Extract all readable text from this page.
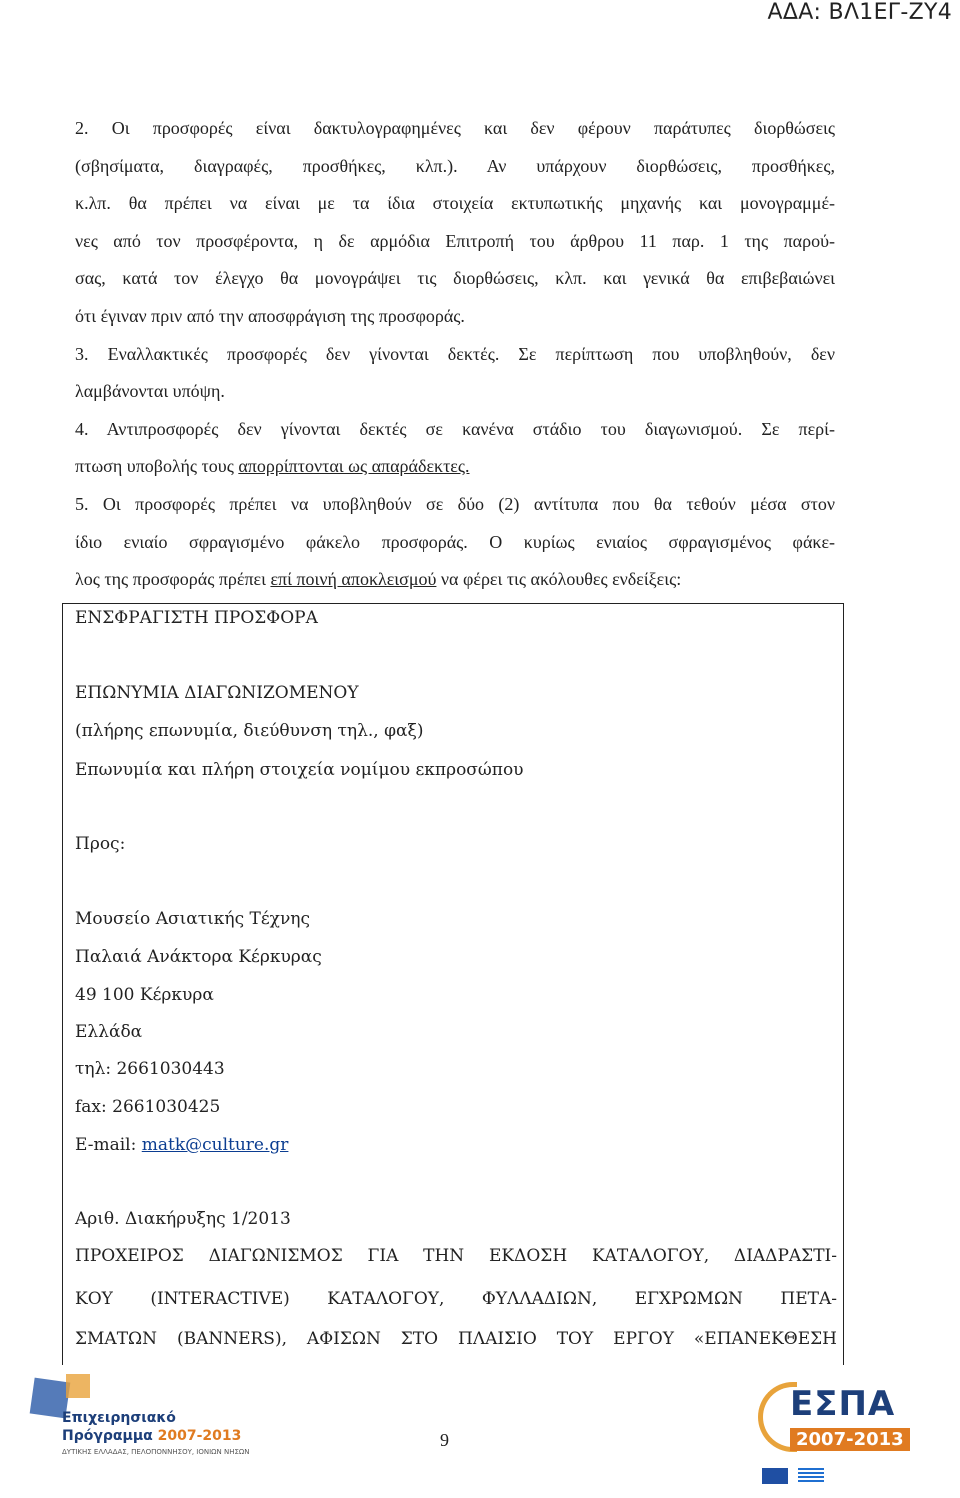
ΑΔΑ: ΒΛ1ΕΓ-ΖΥ4
2. Οι προσφορές είναι δακτυλογραφημένες και δεν φέρουν παράτυπες διορθώσεις
(σβησίματα, διαγραφές, προσθήκες, κλπ.). Αν υπάρχουν διορθώσεις, προσθήκες,
κ.λπ. θα πρέπει να είναι με τα ίδια στοιχεία εκτυπωτικής μηχανής και μονογραμμέ-
νες από τον προσφέροντα, η δε αρμόδια Επιτροπή του άρθρου 11 παρ. 1 της παρού-
σας, κατά τον έλεγχο θα μονογράψει τις διορθώσεις, κλπ. και γενικά θα επιβεβαιώνει
ότι έγιναν πριν από την αποσφράγιση της προσφοράς.
3. Εναλλακτικές προσφορές δεν γίνονται δεκτές. Σε περίπτωση που υποβληθούν, δεν
λαμβάνονται υπόψη.
4. Αντιπροσφορές δεν γίνονται δεκτές σε κανένα στάδιο του διαγωνισμού. Σε περί-
πτωση υποβολής τους απορρίπτονται ως απαράδεκτες.
5. Οι προσφορές πρέπει να υποβληθούν σε δύο (2) αντίτυπα που θα τεθούν μέσα στον
ίδιο ενιαίο σφραγισμένο φάκελο προσφοράς. Ο κυρίως ενιαίος σφραγισμένος φάκε-
λος της προσφοράς πρέπει επί ποινή αποκλεισμού να φέρει τις ακόλουθες ενδείξεις:
ΕΝΣΦΡΑΓΙΣΤΗ ΠΡΟΣΦΟΡΑ
ΕΠΩΝΥΜΙΑ ΔΙΑΓΩΝΙΖΟΜΕΝΟΥ
(πλήρης επωνυμία, διεύθυνση τηλ., φαξ)
Επωνυμία και πλήρη στοιχεία νομίμου εκπροσώπου
Προς:
Μουσείο Ασιατικής Τέχνης
Παλαιά Ανάκτορα Κέρκυρας
49 100 Κέρκυρα
Ελλάδα
τηλ: 2661030443
fax: 2661030425
E-mail: matk@culture.gr
Αριθ. Διακήρυξης 1/2013
ΠΡΟΧΕΙΡΟΣ ΔΙΑΓΩΝΙΣΜΟΣ ΓΙΑ ΤΗΝ ΕΚΔΟΣΗ ΚΑΤΑΛΟΓΟΥ, ΔΙΑΔΡΑΣΤΙ-
ΚΟΥ (INTERACTIVE) ΚΑΤΑΛΟΓΟΥ, ΦΥΛΛΑΔΙΩΝ, ΕΓΧΡΩΜΩΝ ΠΕΤΑ-
ΣΜΑΤΩΝ (BANNERS), ΑΦΙΣΩΝ ΣΤΟ ΠΛΑΙΣΙΟ ΤΟΥ ΕΡΓΟΥ «ΕΠΑΝΕΚΘΕΣΗ
Επιχειρησιακό
Πρόγραμμα 2007-2013
ΔΥΤΙΚΗΣ ΕΛΛΑΔΑΣ, ΠΕΛΟΠΟΝΝΗΣΟΥ, ΙΟΝΙΩΝ ΝΗΣΩΝ
9
ΕΣΠΑ
2007-2013
